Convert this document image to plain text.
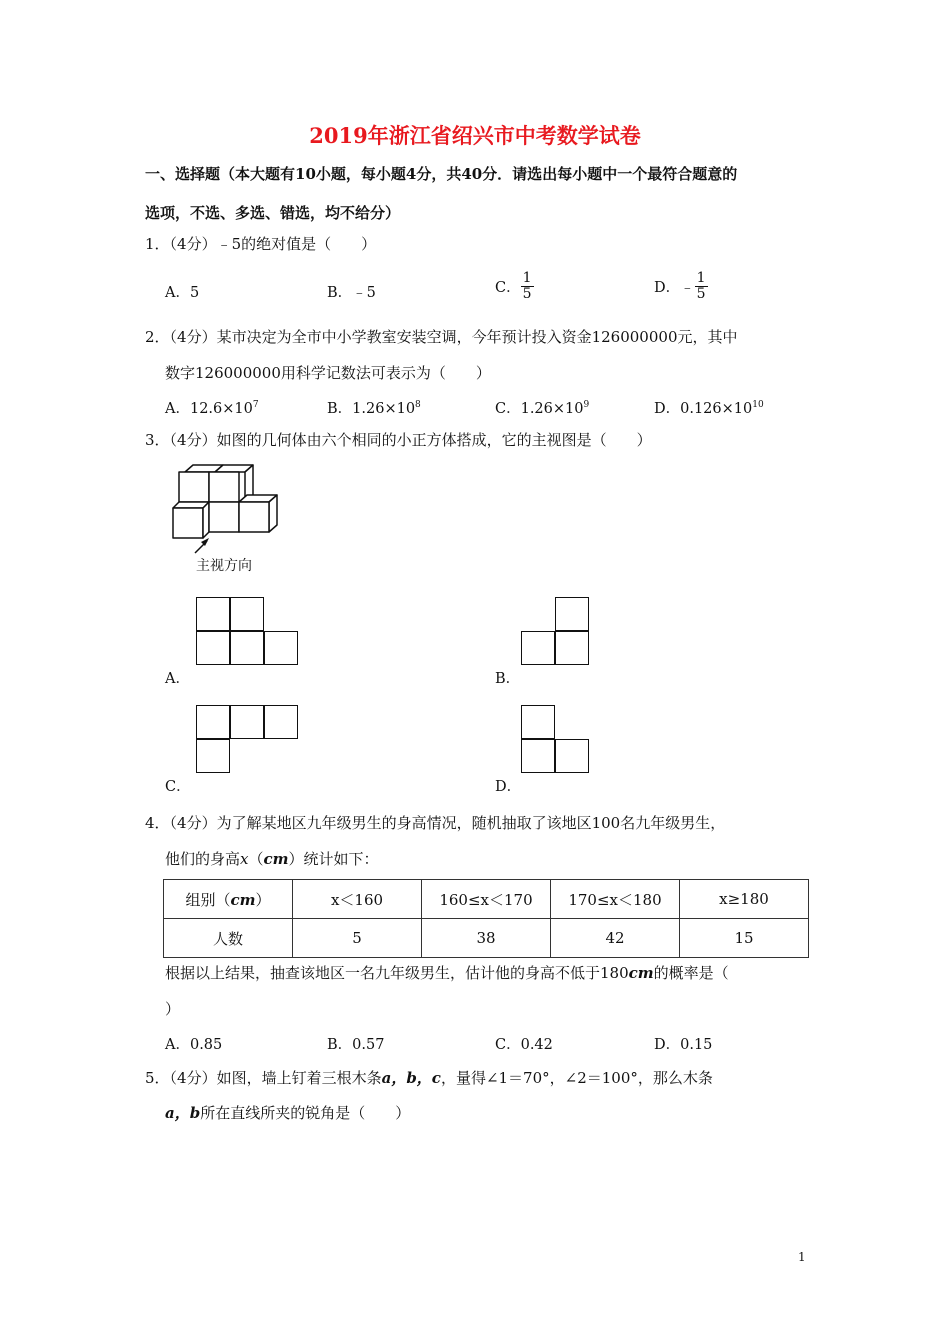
2019年浙江省绍兴市中考数学试卷
一、选择题（本大题有10小题，每小题4分，共40分．请选出每小题中一个最符合题意的
选项，不选、多选、错选，均不给分）
1．（4分）﹣5的绝对值是（　　）
A．5	B．﹣5	C． $\frac{1}{5}$	D．﹣ $\frac{1}{5}$
2．（4分）某市决定为全市中小学教室安装空调，今年预计投入资金126000000元，其中
数字126000000用科学记数法可表示为（　　）
A．$12.6\times 10^7$	B．$1.26\times 10^8$	C．$1.26\times 10^9$	D．$0.126\times 10^{10}$
3．（4分）如图的几何体由六个相同的小正方体搭成，它的主视图是（　　）
主视方向
A．	B．
C．	D．
4．（4分）为了解某地区九年级男生的身高情况，随机抽取了该地区100名九年级男生，
他们的身高x（cm）统计如下：
组别（cm）	x＜160	160≤x＜170	170≤x＜180	x≥180
人数	5	38	42	15
根据以上结果，抽查该地区一名九年级男生，估计他的身高不低于180cm的概率是（
）
A．0.85	B．0.57	C．0.42	D．0.15
5．（4分）如图，墙上钉着三根木条a，b，c，量得∠1＝70°，∠2＝100°，那么木条
a，b所在直线所夹的锐角是（　　）
1
